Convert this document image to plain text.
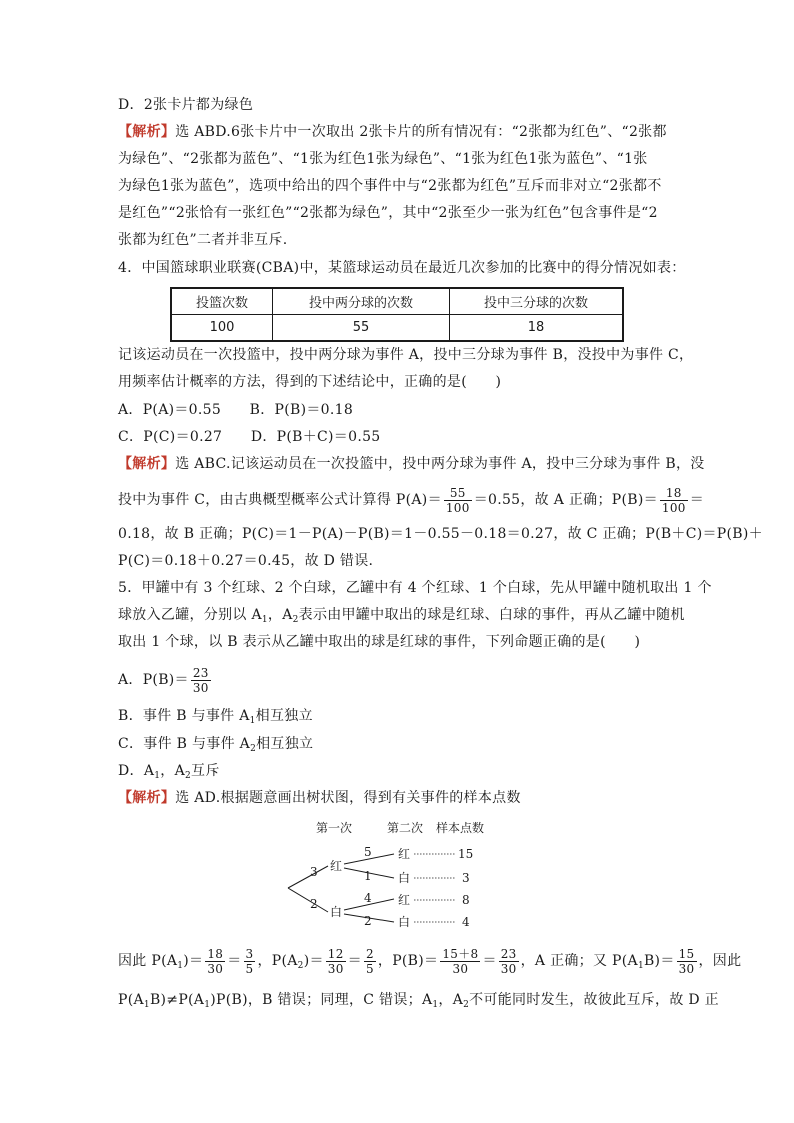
D．2张卡片都为绿色
【解析】选 ABD.6张卡片中一次取出 2张卡片的所有情况有：“2张都为红色”、“2张都
为绿色”、“2张都为蓝色”、“1张为红色1张为绿色”、“1张为红色1张为蓝色”、“1张
为绿色1张为蓝色”，选项中给出的四个事件中与“2张都为红色”互斥而非对立“2张都不
是红色”“2张恰有一张红色”“2张都为绿色”，其中“2张至少一张为红色”包含事件是“2
张都为红色”二者并非互斥.
4．中国篮球职业联赛(CBA)中，某篮球运动员在最近几次参加的比赛中的得分情况如表：
投篮次数	投中两分球的次数	投中三分球的次数
100	55	18
记该运动员在一次投篮中，投中两分球为事件 A，投中三分球为事件 B，没投中为事件 C，
用频率估计概率的方法，得到的下述结论中，正确的是(　　)
A．P(A)＝0.55　　B．P(B)＝0.18
C．P(C)＝0.27　　D．P(B＋C)＝0.55
【解析】选 ABC.记该运动员在一次投篮中，投中两分球为事件 A，投中三分球为事件 B，没
投中为事件 C，由古典概型概率公式计算得 $P(A)= \frac{55}{100} =0.55$，故 A 正确；$P(B)= \frac{18}{100}$ ＝
0.18，故 B 正确；P(C)＝1－P(A)－P(B)＝1－0.55－0.18＝0.27，故 C 正确；P(B＋C)＝P(B)＋
P(C)＝0.18＋0.27＝0.45，故 D 错误.
5．甲罐中有 3 个红球、2 个白球，乙罐中有 4 个红球、1 个白球，先从甲罐中随机取出 1 个
球放入乙罐，分别以 $A_1$，$A_2$表示由甲罐中取出的球是红球、白球的事件，再从乙罐中随机
取出 1 个球，以 B 表示从乙罐中取出的球是红球的事件，下列命题正确的是(　　)
A．$P(B)= \frac{23}{30}$
B．事件 B 与事件 $A_1$相互独立
C．事件 B 与事件 $A_2$相互独立
D．$A_1$，$A_2$互斥
【解析】选 AD.根据题意画出树状图，得到有关事件的样本点数
第一次	第二次 样本点数
3
2
红
白
5
1
4
2
红
白
红
白
15
3
8
4
因此 $P(A_1)= \frac{18}{30} = \frac{3}{5}$ ，$P(A_2)= \frac{12}{30} = \frac{2}{5}$ ，$P(B)= \frac{15+8}{30} = \frac{23}{30}$ ，A 正确；又 $P(A_1B)= \frac{15}{30}$ ，因此
$P(A_1B)\ne P(A_1)P(B)$，B 错误；同理，C 错误；$A_1$，$A_2$不可能同时发生，故彼此互斥，故 D 正
